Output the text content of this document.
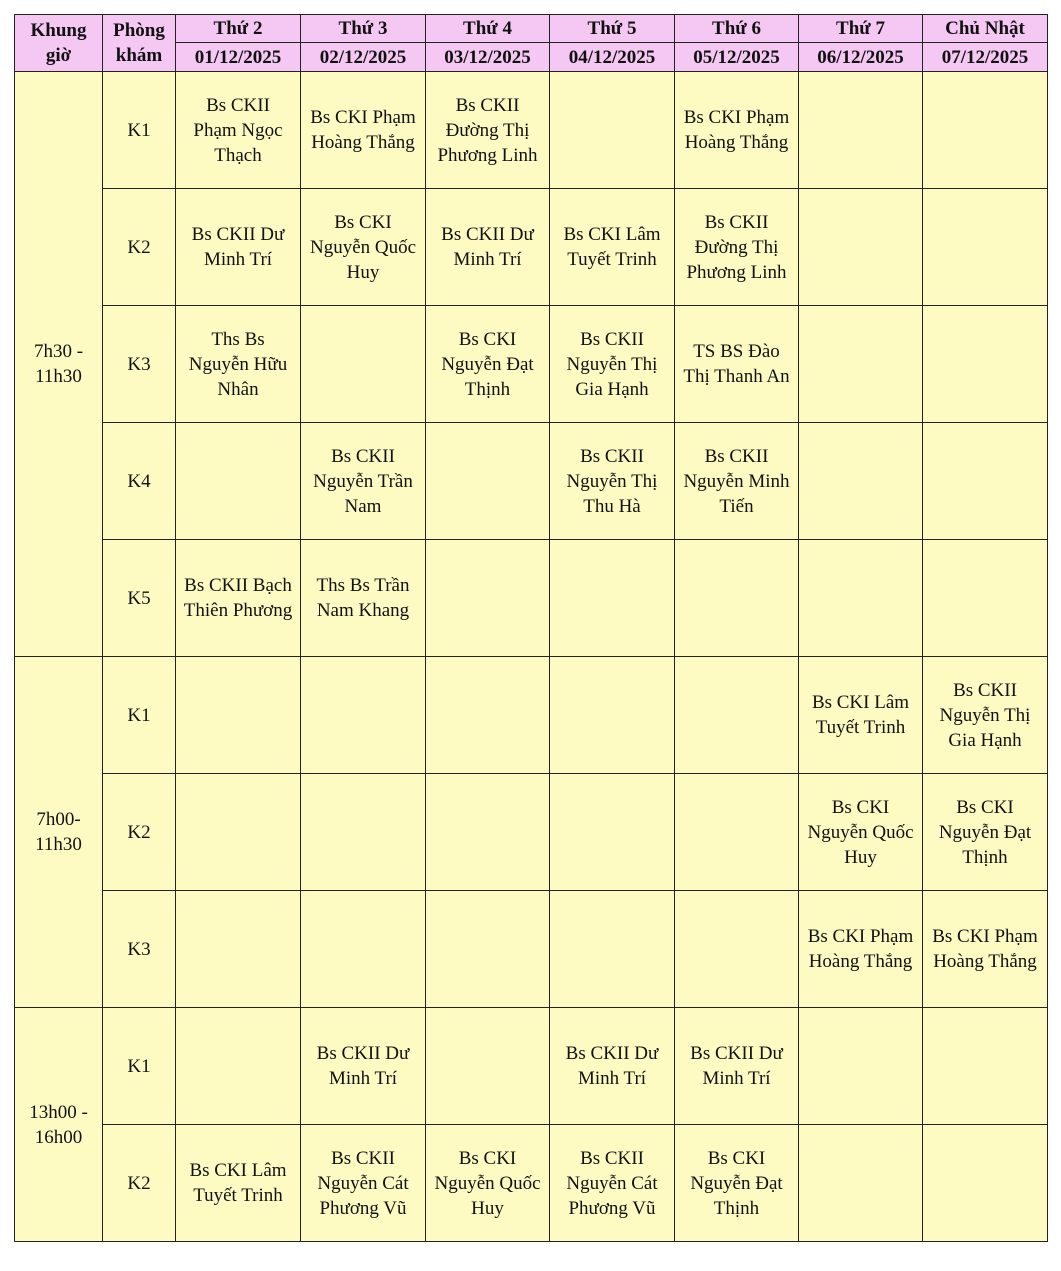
Khung
giờ	Phòng
khám	Thứ 2	Thứ 3	Thứ 4	Thứ 5	Thứ 6	Thứ 7	Chủ Nhật
		01/12/2025	02/12/2025	03/12/2025	04/12/2025	05/12/2025	06/12/2025	07/12/2025

7h30 -
11h30	K1	Bs CKII
Phạm Ngọc
Thạch	Bs CKI Phạm
Hoàng Thắng	Bs CKII
Đường Thị
Phương Linh		Bs CKI Phạm
Hoàng Thắng		

	K2	Bs CKII Dư
Minh Trí	Bs CKI
Nguyễn Quốc
Huy	Bs CKII Dư
Minh Trí	Bs CKI Lâm
Tuyết Trinh	Bs CKII
Đường Thị
Phương Linh		

	K3	Ths Bs
Nguyễn Hữu
Nhân		Bs CKI
Nguyễn Đạt
Thịnh	Bs CKII
Nguyễn Thị
Gia Hạnh	TS BS Đào
Thị Thanh An		

	K4		Bs CKII
Nguyễn Trần
Nam		Bs CKII
Nguyễn Thị
Thu Hà	Bs CKII
Nguyễn Minh
Tiến		

	K5	Bs CKII Bạch
Thiên Phương	Ths Bs Trần
Nam Khang					

7h00-
11h30	K1						Bs CKI Lâm
Tuyết Trinh	Bs CKII
Nguyễn Thị
Gia Hạnh

	K2						Bs CKI
Nguyễn Quốc
Huy	Bs CKI
Nguyễn Đạt
Thịnh

	K3						Bs CKI Phạm
Hoàng Thắng	Bs CKI Phạm
Hoàng Thắng

13h00 -
16h00	K1		Bs CKII Dư
Minh Trí		Bs CKII Dư
Minh Trí	Bs CKII Dư
Minh Trí		

	K2	Bs CKI Lâm
Tuyết Trinh	Bs CKII
Nguyễn Cát
Phương Vũ	Bs CKI
Nguyễn Quốc
Huy	Bs CKII
Nguyễn Cát
Phương Vũ	Bs CKI
Nguyễn Đạt
Thịnh		
